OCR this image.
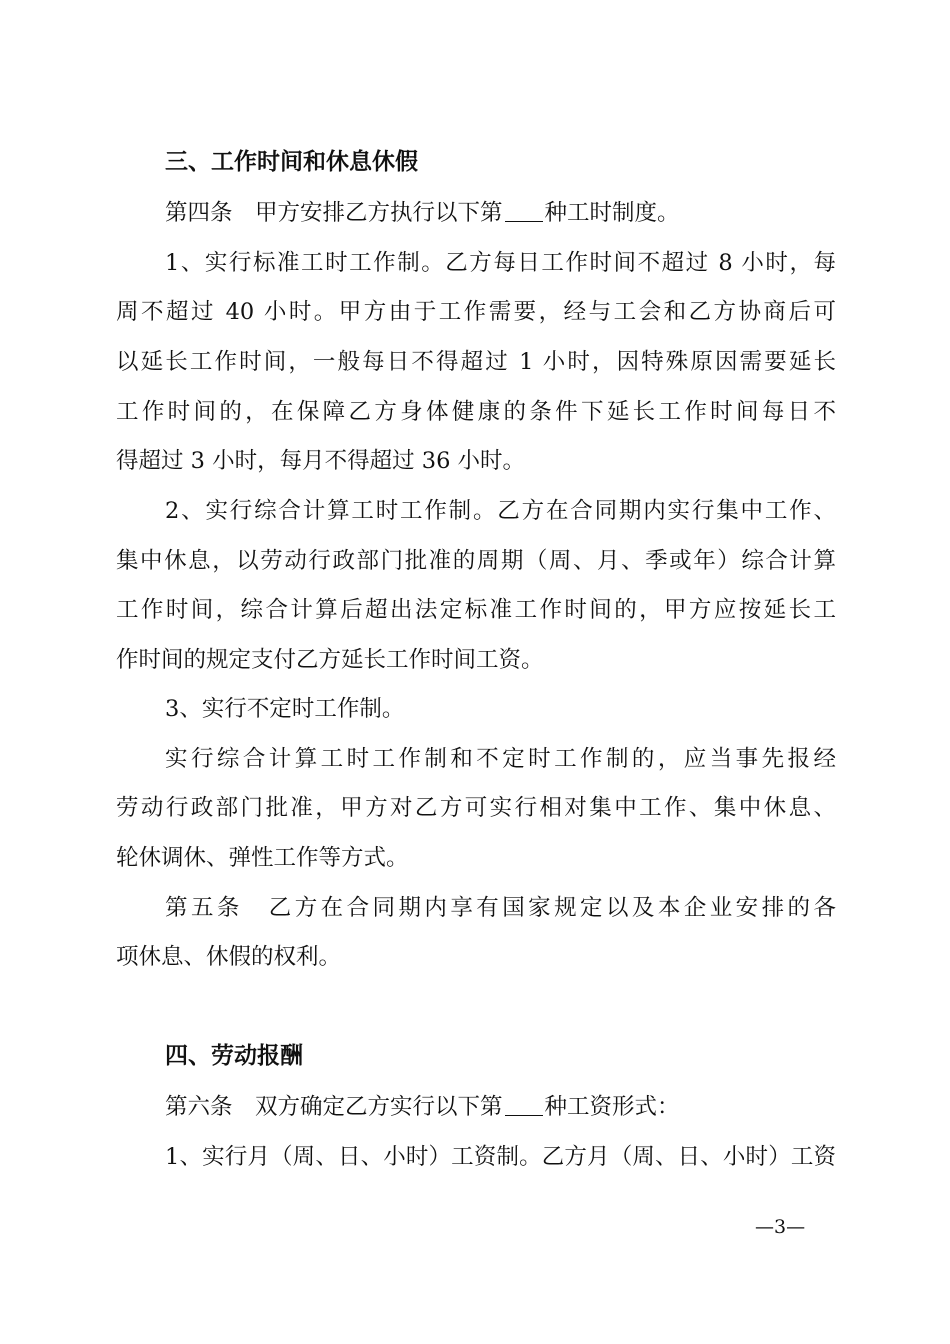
三、工作时间和休息休假
第四条　甲方安排乙方执行以下第 种工时制度。
1、实行标准工时工作制。乙方每日工作时间不超过 8 小时，每
周不超过 40 小时。甲方由于工作需要，经与工会和乙方协商后可
以延长工作时间，一般每日不得超过 1 小时，因特殊原因需要延长
工作时间的，在保障乙方身体健康的条件下延长工作时间每日不
得超过 3 小时，每月不得超过 36 小时。
2、实行综合计算工时工作制。乙方在合同期内实行集中工作、
集中休息，以劳动行政部门批准的周期（周、月、季或年）综合计算
工作时间，综合计算后超出法定标准工作时间的，甲方应按延长工
作时间的规定支付乙方延长工作时间工资。
3、实行不定时工作制。
实行综合计算工时工作制和不定时工作制的，应当事先报经
劳动行政部门批准，甲方对乙方可实行相对集中工作、集中休息、
轮休调休、弹性工作等方式。
第五条　乙方在合同期内享有国家规定以及本企业安排的各
项休息、休假的权利。
四、劳动报酬
第六条　双方确定乙方实行以下第 种工资形式：
1、实行月（周、日、小时）工资制。乙方月（周、日、小时）工资
—3—
